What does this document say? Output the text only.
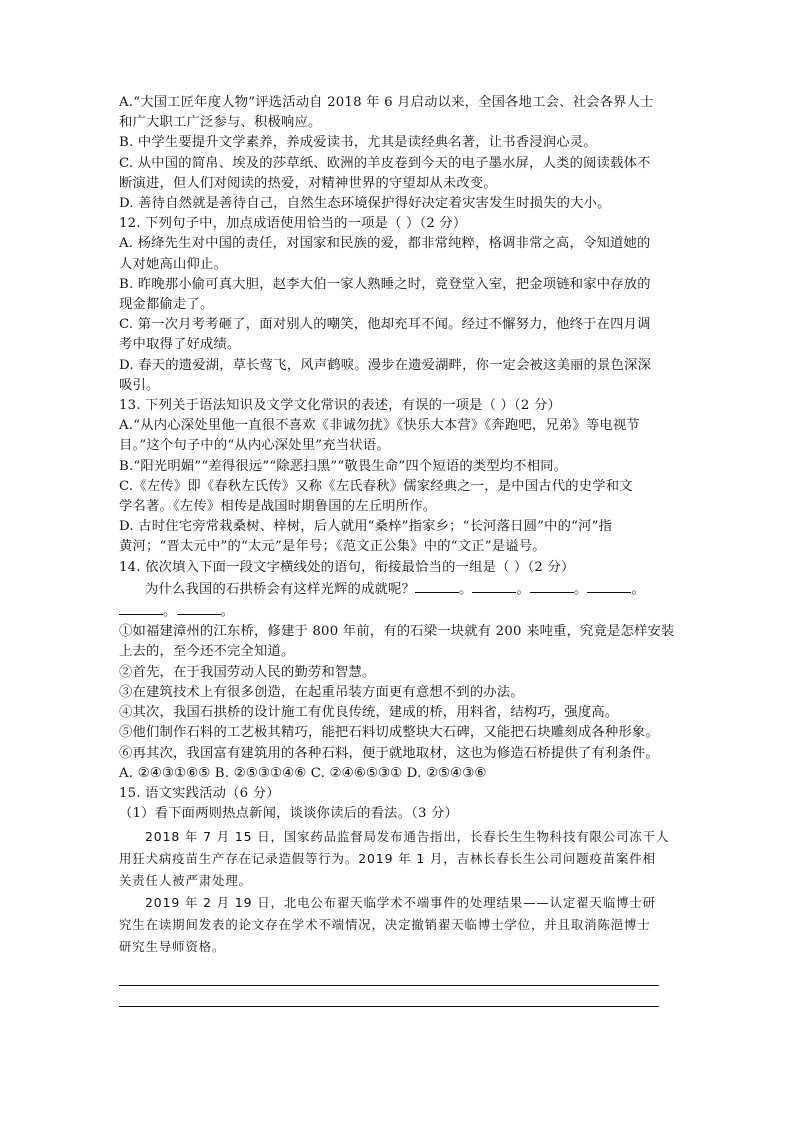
A.“大国工匠年度人物”评选活动自 2018 年 6 月启动以来，全国各地工会、社会各界人士
和广大职工广泛参与、积极响应。
B. 中学生要提升文学素养，养成爱读书，尤其是读经典名著，让书香浸润心灵。
C. 从中国的简帛、埃及的莎草纸、欧洲的羊皮卷到今天的电子墨水屏，人类的阅读载体不
断演进，但人们对阅读的热爱，对精神世界的守望却从未改变。
D. 善待自然就是善待自己，自然生态环境保护得好决定着灾害发生时损失的大小。
12. 下列句子中，加点成语使用恰当的一项是（ ）（2 分）
A. 杨绛先生对中国的责任，对国家和民族的爱，都非常纯粹，格调非常之高，令知道她的
人对她高山仰止。
B. 昨晚那小偷可真大胆，赵李大伯一家人熟睡之时，竟登堂入室，把金项链和家中存放的
现金都偷走了。
C. 第一次月考考砸了，面对别人的嘲笑，他却充耳不闻。经过不懈努力，他终于在四月调
考中取得了好成绩。
D. 春天的遗爱湖，草长莺飞，风声鹤唳。漫步在遗爱湖畔，你一定会被这美丽的景色深深
吸引。
13. 下列关于语法知识及文学文化常识的表述，有误的一项是（ ）（2 分）
A.“从内心深处里他一直很不喜欢《非诚勿扰》《快乐大本营》《奔跑吧，兄弟》等电视节
目。”这个句子中的“从内心深处里”充当状语。
B.“阳光明媚”“差得很远”“除恶扫黑”“敬畏生命”四个短语的类型均不相同。
C.《左传》即《春秋左氏传》又称《左氏春秋》儒家经典之一，是中国古代的史学和文
学名著。《左传》相传是战国时期鲁国的左丘明所作。
D. 古时住宅旁常栽桑树、梓树，后人就用“桑梓”指家乡；“长河落日圆”中的“河”指
黄河；“晋太元中”的“太元”是年号；《范文正公集》中的“文正”是谥号。
14. 依次填入下面一段文字横线处的语句，衔接最恰当的一组是（ ）（2 分）
为什么我国的石拱桥会有这样光辉的成就呢？	。	。	。	。
。	。
①如福建漳州的江东桥，修建于 800 年前，有的石梁一块就有 200 来吨重，究竟是怎样安装
上去的，至今还不完全知道。
②首先，在于我国劳动人民的勤劳和智慧。
③在建筑技术上有很多创造，在起重吊装方面更有意想不到的办法。
④其次，我国石拱桥的设计施工有优良传统，建成的桥，用料省，结构巧，强度高。
⑤他们制作石料的工艺极其精巧，能把石料切成整块大石碑，又能把石块雕刻成各种形象。
⑥再其次，我国富有建筑用的各种石料，便于就地取材，这也为修造石桥提供了有利条件。
A. ②④③①⑥⑤ B. ②⑤③①④⑥ C. ②④⑥⑤③① D. ②⑤④③⑥
15. 语文实践活动（6 分）
（1）看下面两则热点新闻，谈谈你读后的看法。（3 分）
2018 年 7 月 15 日，国家药品监督局发布通告指出，长春长生生物科技有限公司冻干人
用狂犬病疫苗生产存在记录造假等行为。2019 年 1 月，吉林长春长生公司问题疫苗案件相
关责任人被严肃处理。
2019 年 2 月 19 日，北电公布翟天临学术不端事件的处理结果——认定翟天临博士研
究生在读期间发表的论文存在学术不端情况，决定撤销翟天临博士学位，并且取消陈浥博士
研究生导师资格。
